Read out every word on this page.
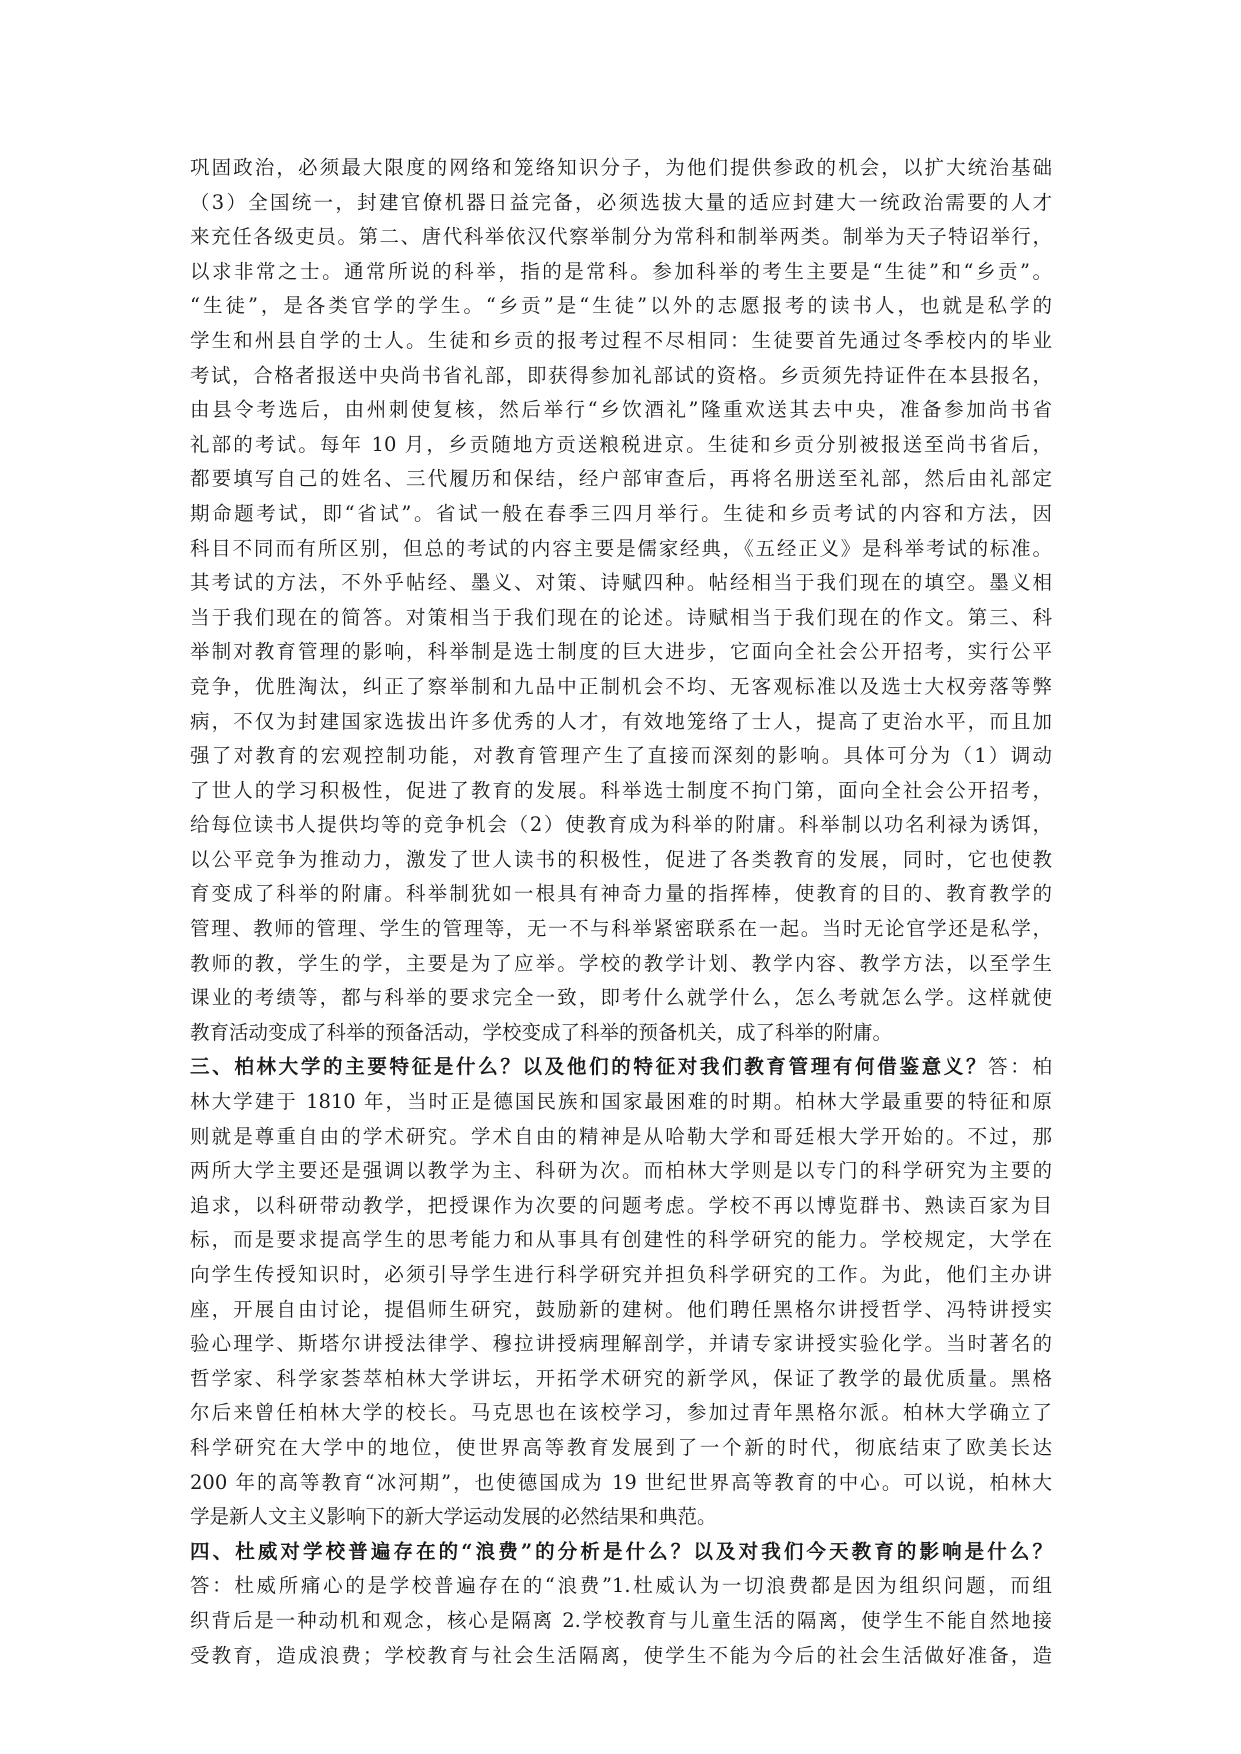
巩固政治，必须最大限度的网络和笼络知识分子，为他们提供参政的机会，以扩大统治基础
（3）全国统一，封建官僚机器日益完备，必须选拔大量的适应封建大一统政治需要的人才
来充任各级吏员。第二、唐代科举依汉代察举制分为常科和制举两类。制举为天子特诏举行，
以求非常之士。通常所说的科举，指的是常科。参加科举的考生主要是“生徒”和“乡贡”。
“生徒”，是各类官学的学生。“乡贡”是“生徒”以外的志愿报考的读书人，也就是私学的
学生和州县自学的士人。生徒和乡贡的报考过程不尽相同：生徒要首先通过冬季校内的毕业
考试，合格者报送中央尚书省礼部，即获得参加礼部试的资格。乡贡须先持证件在本县报名，
由县令考选后，由州刺使复核，然后举行“乡饮酒礼”隆重欢送其去中央，准备参加尚书省
礼部的考试。每年 10 月，乡贡随地方贡送粮税进京。生徒和乡贡分别被报送至尚书省后，
都要填写自己的姓名、三代履历和保结，经户部审查后，再将名册送至礼部，然后由礼部定
期命题考试，即“省试”。省试一般在春季三四月举行。生徒和乡贡考试的内容和方法，因
科目不同而有所区别，但总的考试的内容主要是儒家经典，《五经正义》是科举考试的标准。
其考试的方法，不外乎帖经、墨义、对策、诗赋四种。帖经相当于我们现在的填空。墨义相
当于我们现在的简答。对策相当于我们现在的论述。诗赋相当于我们现在的作文。第三、科
举制对教育管理的影响，科举制是选士制度的巨大进步，它面向全社会公开招考，实行公平
竞争，优胜淘汰，纠正了察举制和九品中正制机会不均、无客观标准以及选士大权旁落等弊
病，不仅为封建国家选拔出许多优秀的人才，有效地笼络了士人，提高了吏治水平，而且加
强了对教育的宏观控制功能，对教育管理产生了直接而深刻的影响。具体可分为（1）调动
了世人的学习积极性，促进了教育的发展。科举选士制度不拘门第，面向全社会公开招考，
给每位读书人提供均等的竞争机会（2）使教育成为科举的附庸。科举制以功名利禄为诱饵，
以公平竞争为推动力，激发了世人读书的积极性，促进了各类教育的发展，同时，它也使教
育变成了科举的附庸。科举制犹如一根具有神奇力量的指挥棒，使教育的目的、教育教学的
管理、教师的管理、学生的管理等，无一不与科举紧密联系在一起。当时无论官学还是私学，
教师的教，学生的学，主要是为了应举。学校的教学计划、教学内容、教学方法，以至学生
课业的考绩等，都与科举的要求完全一致，即考什么就学什么，怎么考就怎么学。这样就使
教育活动变成了科举的预备活动，学校变成了科举的预备机关，成了科举的附庸。
三、柏林大学的主要特征是什么？以及他们的特征对我们教育管理有何借鉴意义？答：柏
林大学建于 1810 年，当时正是德国民族和国家最困难的时期。柏林大学最重要的特征和原
则就是尊重自由的学术研究。学术自由的精神是从哈勒大学和哥廷根大学开始的。不过，那
两所大学主要还是强调以教学为主、科研为次。而柏林大学则是以专门的科学研究为主要的
追求，以科研带动教学，把授课作为次要的问题考虑。学校不再以博览群书、熟读百家为目
标，而是要求提高学生的思考能力和从事具有创建性的科学研究的能力。学校规定，大学在
向学生传授知识时，必须引导学生进行科学研究并担负科学研究的工作。为此，他们主办讲
座，开展自由讨论，提倡师生研究，鼓励新的建树。他们聘任黑格尔讲授哲学、冯特讲授实
验心理学、斯塔尔讲授法律学、穆拉讲授病理解剖学，并请专家讲授实验化学。当时著名的
哲学家、科学家荟萃柏林大学讲坛，开拓学术研究的新学风，保证了教学的最优质量。黑格
尔后来曾任柏林大学的校长。马克思也在该校学习，参加过青年黑格尔派。柏林大学确立了
科学研究在大学中的地位，使世界高等教育发展到了一个新的时代，彻底结束了欧美长达
200 年的高等教育“冰河期”，也使德国成为 19 世纪世界高等教育的中心。可以说，柏林大
学是新人文主义影响下的新大学运动发展的必然结果和典范。
四、杜威对学校普遍存在的“浪费”的分析是什么？以及对我们今天教育的影响是什么？
答：杜威所痛心的是学校普遍存在的“浪费”1.杜威认为一切浪费都是因为组织问题，而组
织背后是一种动机和观念，核心是隔离 2.学校教育与儿童生活的隔离，使学生不能自然地接
受教育，造成浪费；学校教育与社会生活隔离，使学生不能为今后的社会生活做好准备，造
